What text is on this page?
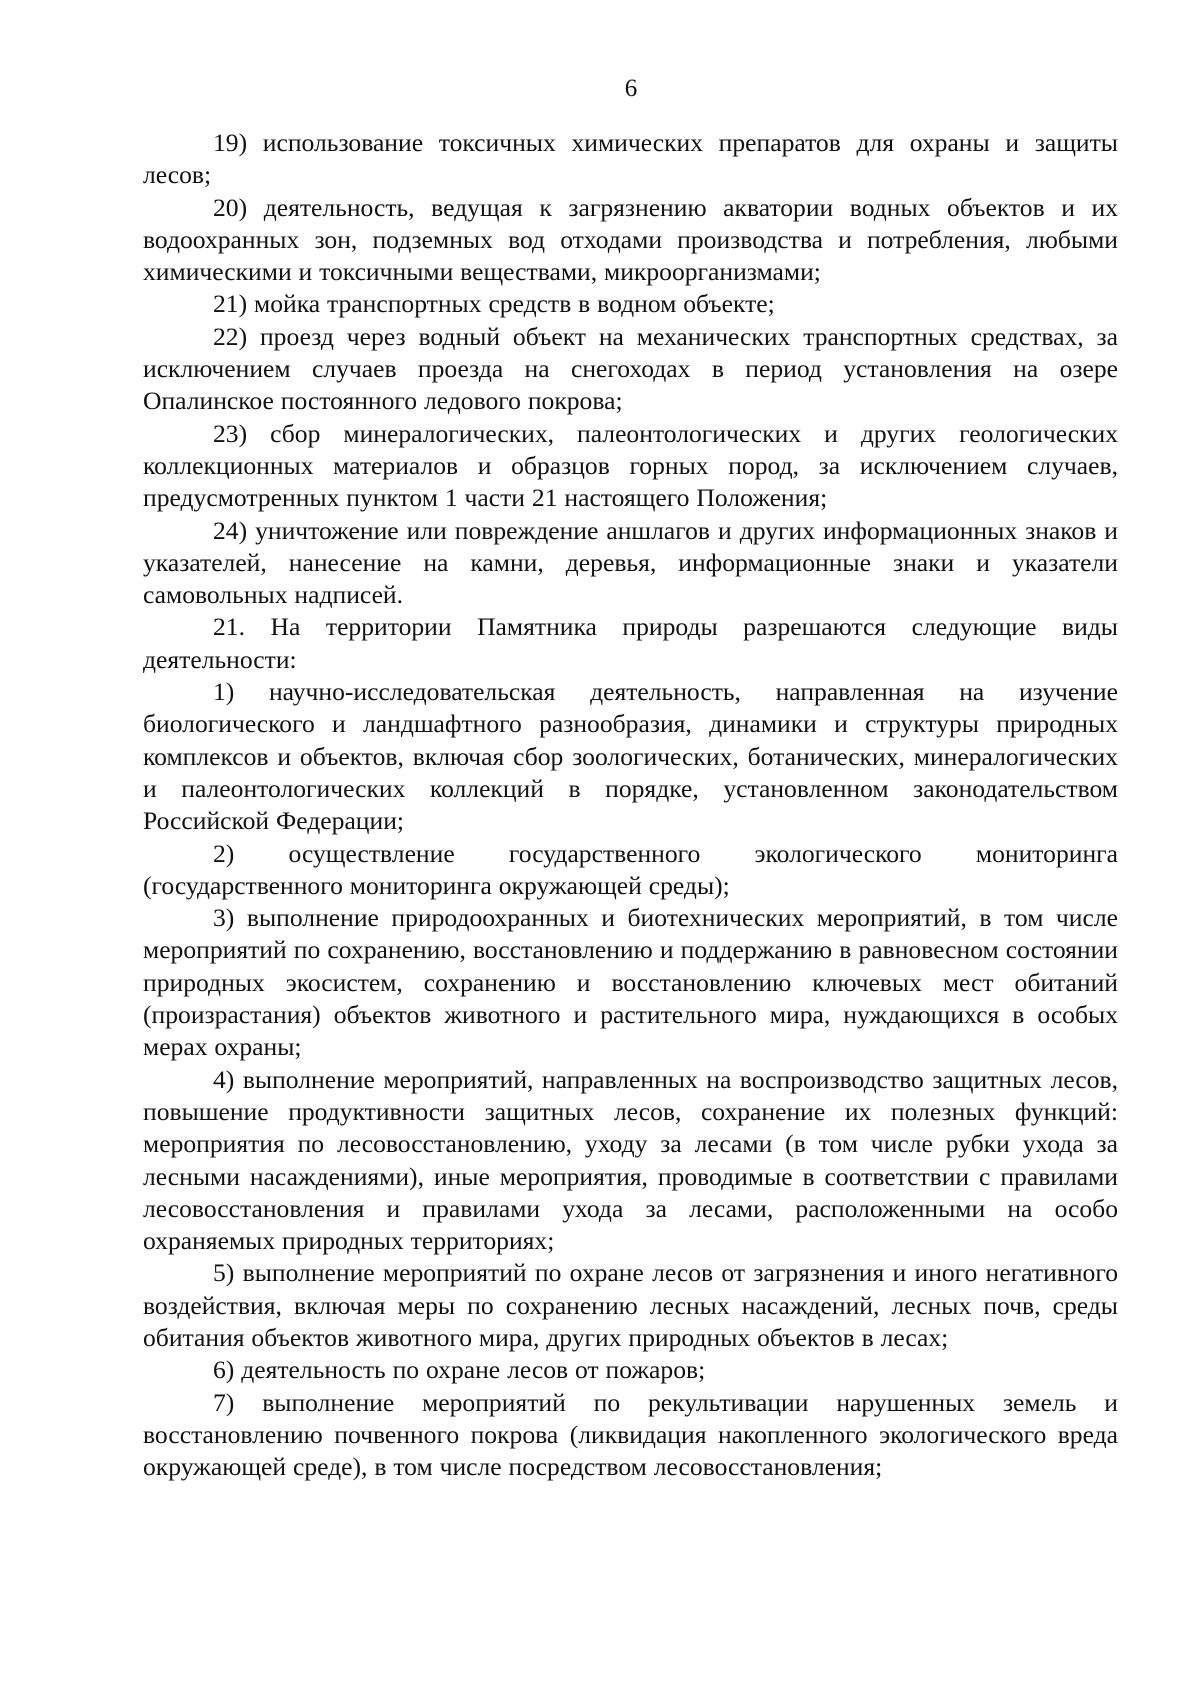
6

19) использование токсичных химических препаратов для охраны и защиты лесов;

20) деятельность, ведущая к загрязнению акватории водных объектов и их водоохранных зон, подземных вод отходами производства и потребления, любыми химическими и токсичными веществами, микроорганизмами;

21) мойка транспортных средств в водном объекте;

22) проезд через водный объект на механических транспортных средствах, за исключением случаев проезда на снегоходах в период установления на озере Опалинское постоянного ледового покрова;

23) сбор минералогических, палеонтологических и других геологических коллекционных материалов и образцов горных пород, за исключением случаев, предусмотренных пунктом 1 части 21 настоящего Положения;

24) уничтожение или повреждение аншлагов и других информационных знаков и указателей, нанесение на камни, деревья, информационные знаки и указатели самовольных надписей.

21. На территории Памятника природы разрешаются следующие виды деятельности:

1) научно-исследовательская деятельность, направленная на изучение биологического и ландшафтного разнообразия, динамики и структуры природных комплексов и объектов, включая сбор зоологических, ботанических, минералогических и палеонтологических коллекций в порядке, установленном законодательством Российской Федерации;

2) осуществление государственного экологического мониторинга (государственного мониторинга окружающей среды);

3) выполнение природоохранных и биотехнических мероприятий, в том числе мероприятий по сохранению, восстановлению и поддержанию в равновесном состоянии природных экосистем, сохранению и восстановлению ключевых мест обитаний (произрастания) объектов животного и растительного мира, нуждающихся в особых мерах охраны;

4) выполнение мероприятий, направленных на воспроизводство защитных лесов, повышение продуктивности защитных лесов, сохранение их полезных функций: мероприятия по лесовосстановлению, уходу за лесами (в том числе рубки ухода за лесными насаждениями), иные мероприятия, проводимые в соответствии с правилами лесовосстановления и правилами ухода за лесами, расположенными на особо охраняемых природных территориях;

5) выполнение мероприятий по охране лесов от загрязнения и иного негативного воздействия, включая меры по сохранению лесных насаждений, лесных почв, среды обитания объектов животного мира, других природных объектов в лесах;

6) деятельность по охране лесов от пожаров;

7) выполнение мероприятий по рекультивации нарушенных земель и восстановлению почвенного покрова (ликвидация накопленного экологического вреда окружающей среде), в том числе посредством лесовосстановления;
